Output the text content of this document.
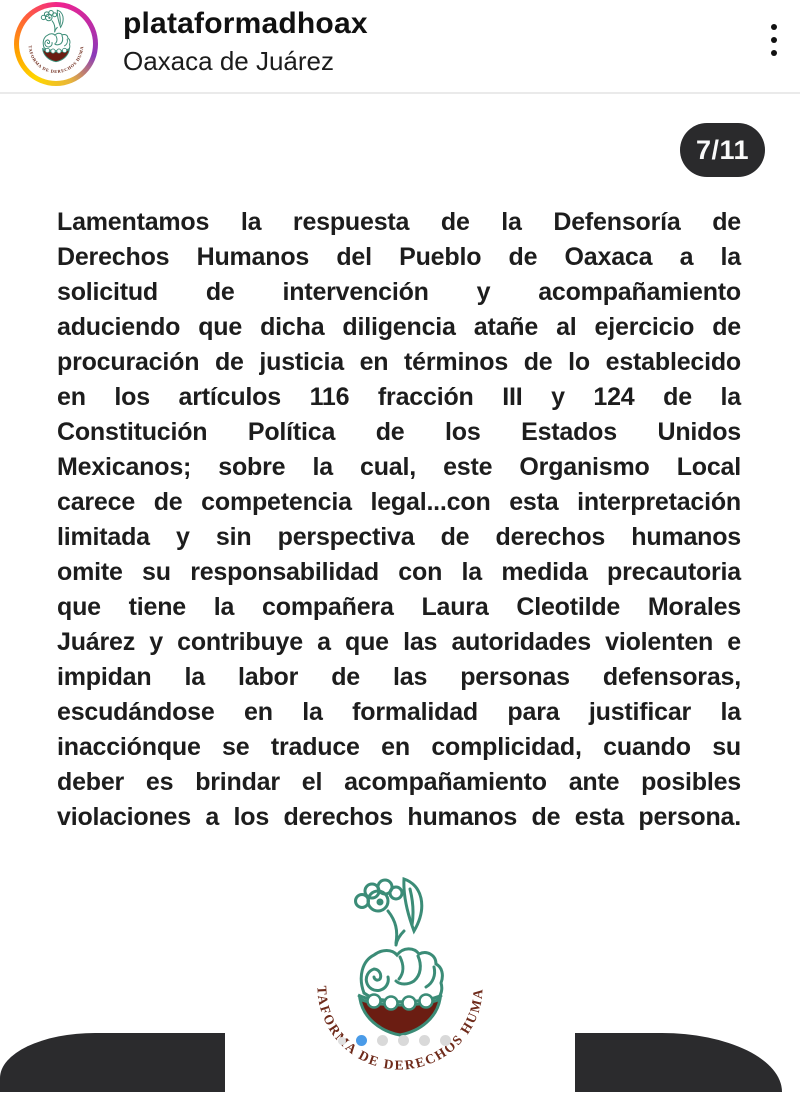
plataformadhoax
Oaxaca de Juárez
7/11
Lamentamos la respuesta de la Defensoría de
Derechos Humanos del Pueblo de Oaxaca a la
solicitud de intervención y acompañamiento
aduciendo que dicha diligencia atañe al ejercicio de
procuración de justicia en términos de lo establecido
en los artículos 116 fracción III y 124 de la
Constitución Política de los Estados Unidos
Mexicanos; sobre la cual, este Organismo Local
carece de competencia legal...con esta interpretación
limitada y sin perspectiva de derechos humanos
omite su responsabilidad con la medida precautoria
que tiene la compañera Laura Cleotilde Morales
Juárez y contribuye a que las autoridades violenten e
impidan la labor de las personas defensoras,
escudándose en la formalidad para justificar la
inacciónque se traduce en complicidad, cuando su
deber es brindar el acompañamiento ante posibles
violaciones a los derechos humanos de esta persona.
